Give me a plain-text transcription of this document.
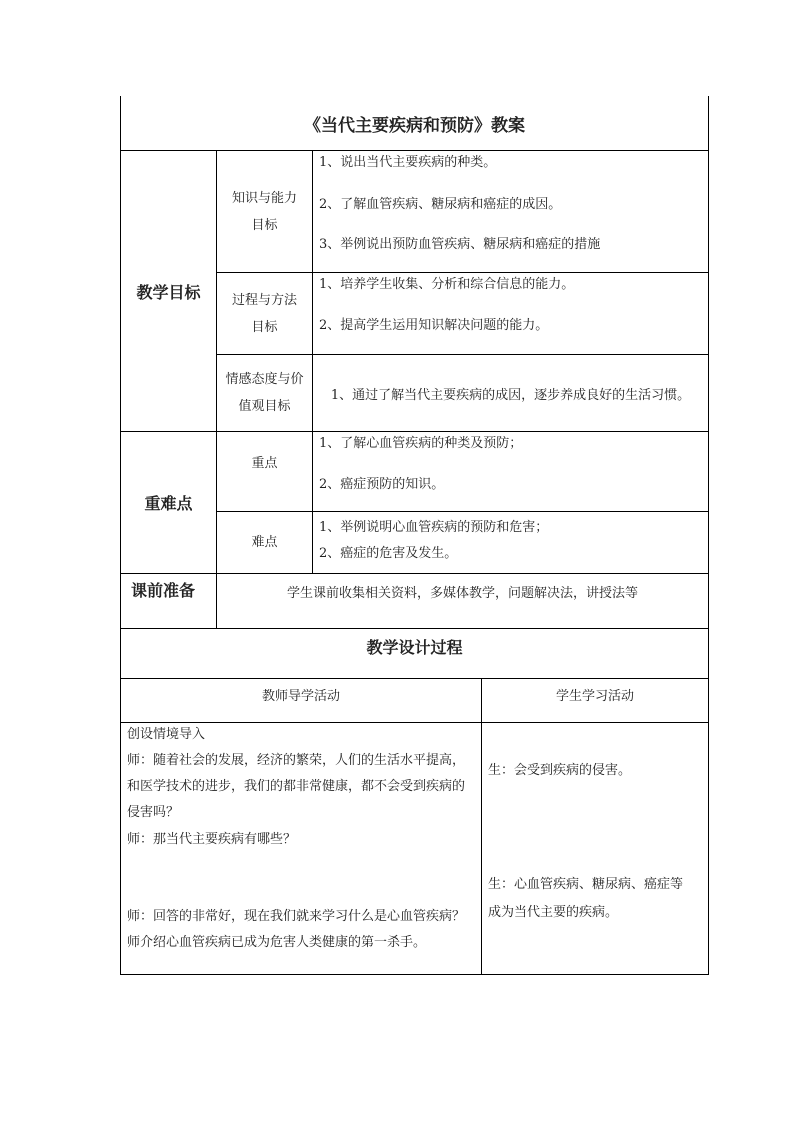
《当代主要疾病和预防》教案
教学目标
知识与能力
目标
1、说出当代主要疾病的种类。
2、了解血管疾病、糖尿病和癌症的成因。
3、举例说出预防血管疾病、糖尿病和癌症的措施
过程与方法
目标
1、培养学生收集、分析和综合信息的能力。
2、提高学生运用知识解决问题的能力。
情感态度与价
值观目标
1、通过了解当代主要疾病的成因，逐步养成良好的生活习惯。
重难点
重点
1、了解心血管疾病的种类及预防；
2、癌症预防的知识。
难点
1、举例说明心血管疾病的预防和危害；
2、癌症的危害及发生。
课前准备	学生课前收集相关资料，多媒体教学，问题解决法，讲授法等
教学设计过程
教师导学活动	学生学习活动
创设情境导入
师：随着社会的发展，经济的繁荣，人们的生活水平提高，
和医学技术的进步，我们的都非常健康，都不会受到疾病的
侵害吗？
师：那当代主要疾病有哪些？
师：回答的非常好，现在我们就来学习什么是心血管疾病？
师介绍心血管疾病已成为危害人类健康的第一杀手。
生：会受到疾病的侵害。
生：心血管疾病、糖尿病、癌症等
成为当代主要的疾病。
